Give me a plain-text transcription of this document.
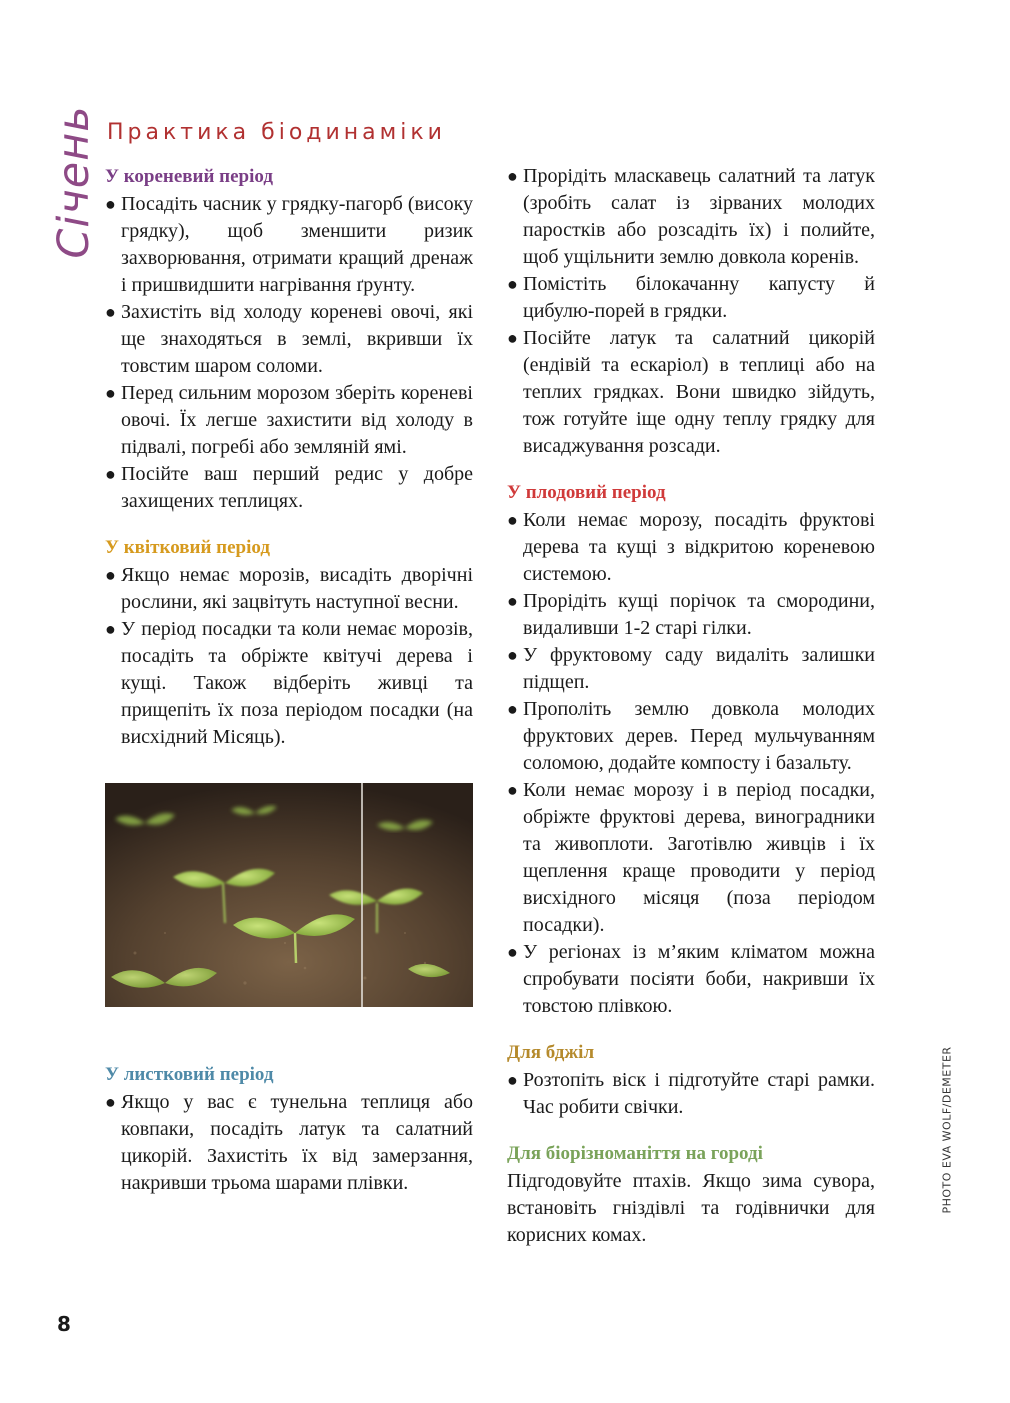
Січень Практика біодинаміки
У кореневий період
● Посадіть часник у грядку-пагорб (високу грядку), щоб зменшити ризик захворювання, отримати кращий дренаж і пришвидшити нагрівання ґрунту.
● Захистіть від холоду кореневі овочі, які ще знаходяться в землі, вкривши їх товстим шаром соломи.
● Перед сильним морозом зберіть кореневі овочі. Їх легше захистити від холоду в підвалі, погребі або земляній ямі.
● Посійте ваш перший редис у добре захищених теплицях.
У квітковий період
● Якщо немає морозів, висадіть дворічні рослини, які зацвітуть наступної весни.
● У період посадки та коли немає морозів, посадіть та обріжте квітучі дерева і кущі. Також відберіть живці та прищепіть їх поза періодом посадки (на висхідний Місяць).
У листковий період
● Якщо у вас є тунельна теплиця або ковпаки, посадіть латук та салатний цикорій. Захистіть їх від замерзання, накривши трьома шарами плівки.
● Прорідіть мласкавець салатний та латук (зробіть салат із зірваних молодих паростків або розсадіть їх) і полийте, щоб ущільнити землю довкола коренів.
● Помістіть білокачанну капусту й цибулю-порей в грядки.
● Посійте латук та салатний цикорій (ендівій та ескаріол) в теплиці або на теплих грядках. Вони швидко зійдуть, тож готуйте іще одну теплу грядку для висаджування розсади.
У плодовий період
● Коли немає морозу, посадіть фруктові дерева та кущі з відкритою кореневою системою.
● Прорідіть кущі порічок та смородини, видаливши 1-2 старі гілки.
● У фруктовому саду видаліть залишки підщеп.
● Прополіть землю довкола молодих фруктових дерев. Перед мульчуванням соломою, додайте компосту і базальту.
● Коли немає морозу і в період посадки, обріжте фруктові дерева, виноградники та живоплоти. Заготівлю живців і їх щеплення краще проводити у період висхідного місяця (поза періодом посадки).
● У регіонах із м’яким кліматом можна спробувати посіяти боби, накривши їх товстою плівкою.
Для бджіл
● Розтопіть віск і підготуйте старі рамки. Час робити свічки.
Для біорізноманіття на городі

Підгодовуйте птахів. Якщо зима сувора, встановіть гніздівлі та годівнички для корисних комах.

8
PHOTO EVA WOLF/DEMETER
